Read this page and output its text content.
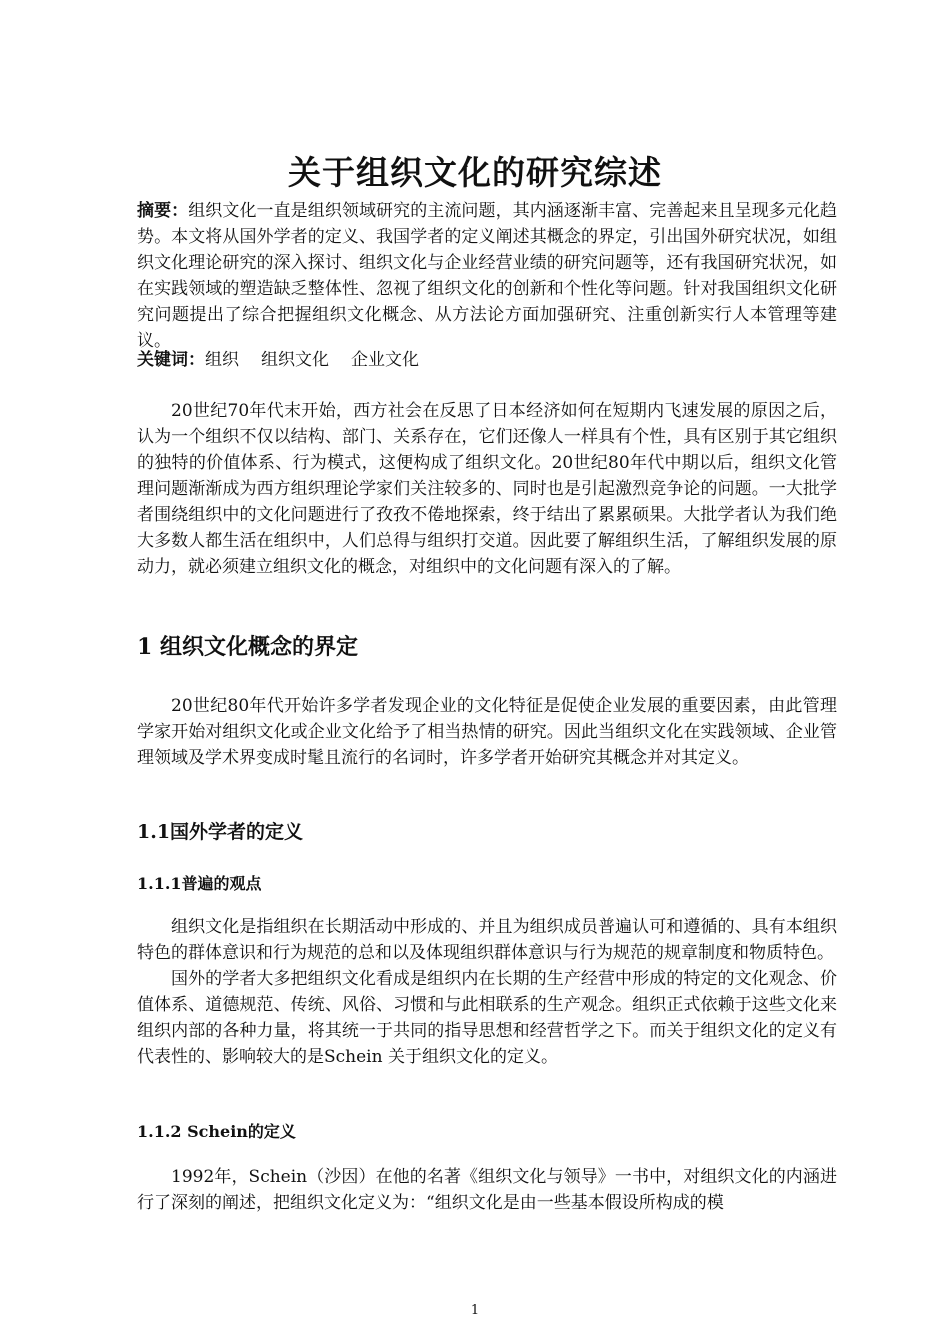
关于组织文化的研究综述

摘要：组织文化一直是组织领域研究的主流问题，其内涵逐渐丰富、完善起来且呈现多元化趋势。本文将从国外学者的定义、我国学者的定义阐述其概念的界定，引出国外研究状况，如组织文化理论研究的深入探讨、组织文化与企业经营业绩的研究问题等，还有我国研究状况，如在实践领域的塑造缺乏整体性、忽视了组织文化的创新和个性化等问题。针对我国组织文化研究问题提出了综合把握组织文化概念、从方法论方面加强研究、注重创新实行人本管理等建议。

关键词：组织 组织文化 企业文化

20世纪70年代末开始，西方社会在反思了日本经济如何在短期内飞速发展的原因之后，认为一个组织不仅以结构、部门、关系存在，它们还像人一样具有个性，具有区别于其它组织的独特的价值体系、行为模式，这便构成了组织文化。20世纪80年代中期以后，组织文化管理问题渐渐成为西方组织理论学家们关注较多的、同时也是引起激烈竞争论的问题。一大批学者围绕组织中的文化问题进行了孜孜不倦地探索，终于结出了累累硕果。大批学者认为我们绝大多数人都生活在组织中，人们总得与组织打交道。因此要了解组织生活，了解组织发展的原动力，就必须建立组织文化的概念，对组织中的文化问题有深入的了解。

1 组织文化概念的界定

20世纪80年代开始许多学者发现企业的文化特征是促使企业发展的重要因素，由此管理学家开始对组织文化或企业文化给予了相当热情的研究。因此当组织文化在实践领域、企业管理领域及学术界变成时髦且流行的名词时，许多学者开始研究其概念并对其定义。

1.1国外学者的定义
1.1.1普遍的观点

组织文化是指组织在长期活动中形成的、并且为组织成员普遍认可和遵循的、具有本组织特色的群体意识和行为规范的总和以及体现组织群体意识与行为规范的规章制度和物质特色。

国外的学者大多把组织文化看成是组织内在长期的生产经营中形成的特定的文化观念、价值体系、道德规范、传统、风俗、习惯和与此相联系的生产观念。组织正式依赖于这些文化来组织内部的各种力量，将其统一于共同的指导思想和经营哲学之下。而关于组织文化的定义有代表性的、影响较大的是Schein 关于组织文化的定义。

1.1.2 Schein的定义

1992年，Schein（沙因）在他的名著《组织文化与领导》一书中，对组织文化的内涵进行了深刻的阐述，把组织文化定义为：“组织文化是由一些基本假设所构成的模

1
